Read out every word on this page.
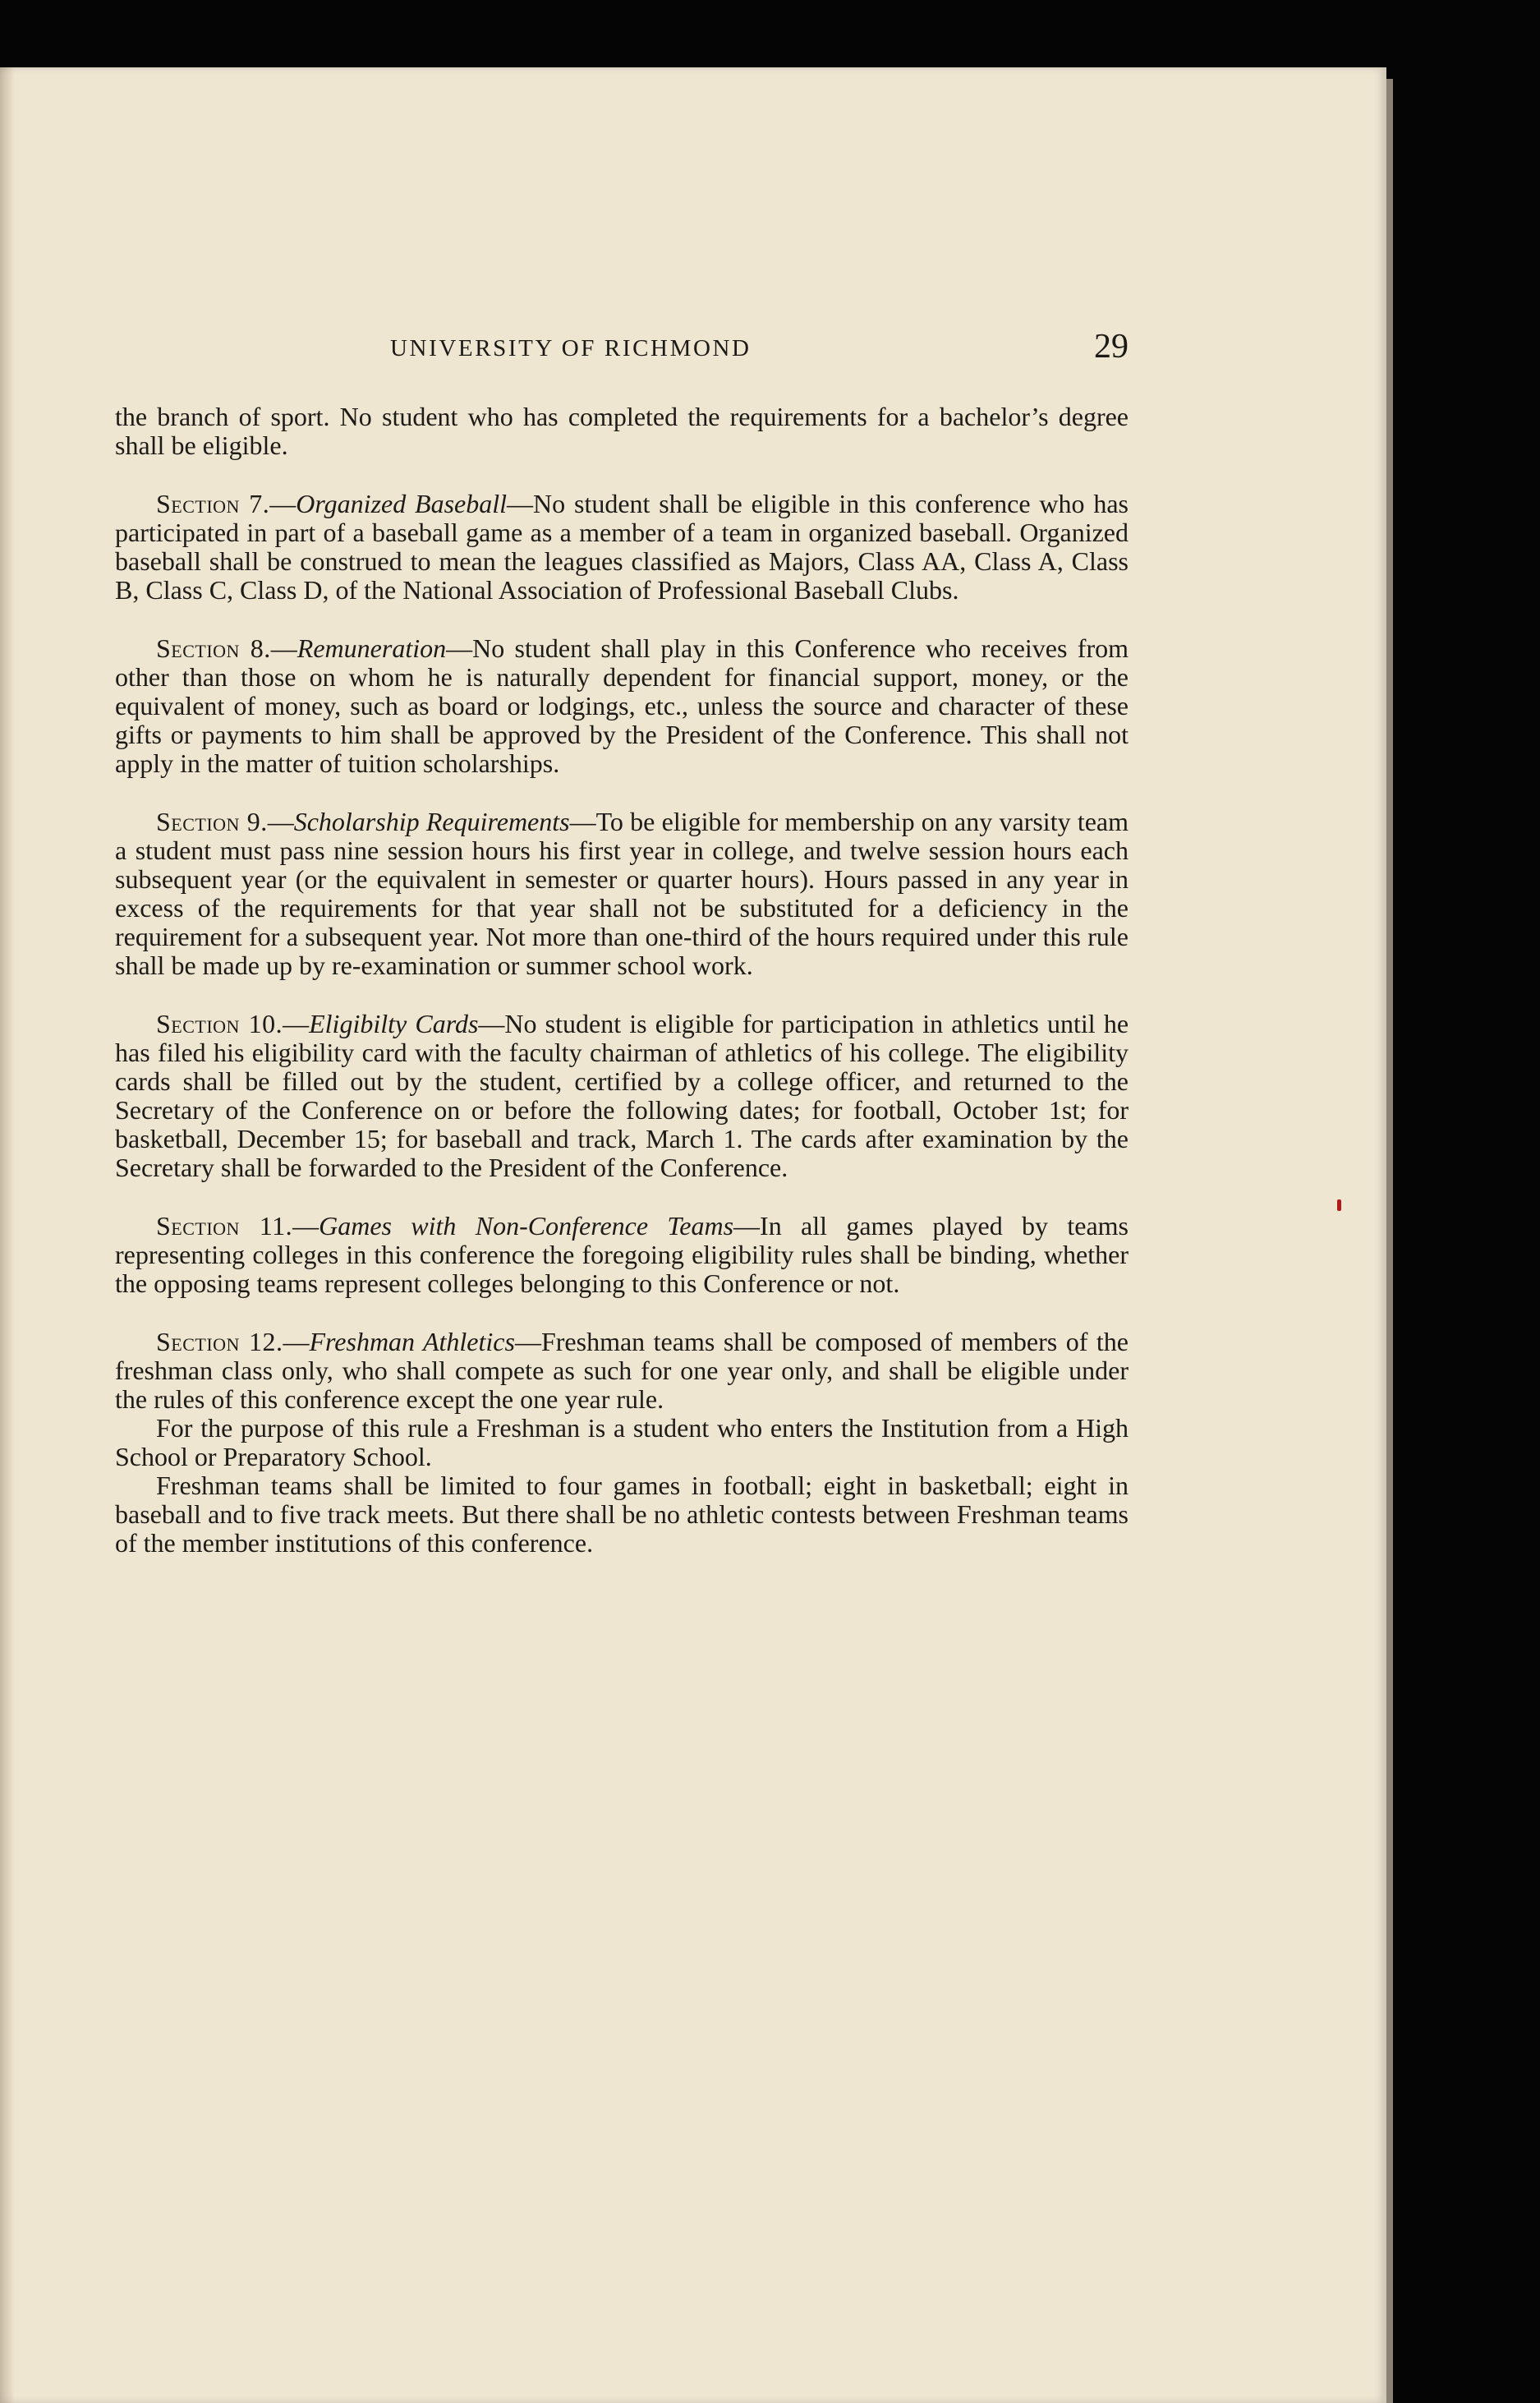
UNIVERSITY OF RICHMOND	29

the branch of sport. No student who has completed the requirements for a bachelor’s degree shall be eligible.

Section 7.—Organized Baseball—No student shall be eligible in this conference who has participated in part of a baseball game as a member of a team in organized baseball. Organized baseball shall be construed to mean the leagues classified as Majors, Class AA, Class A, Class B, Class C, Class D, of the National Association of Professional Baseball Clubs.

Section 8.—Remuneration—No student shall play in this Conference who receives from other than those on whom he is naturally dependent for financial support, money, or the equivalent of money, such as board or lodgings, etc., unless the source and character of these gifts or payments to him shall be approved by the President of the Conference. This shall not apply in the matter of tuition scholarships.

Section 9.—Scholarship Requirements—To be eligible for membership on any varsity team a student must pass nine session hours his first year in college, and twelve session hours each subsequent year (or the equivalent in semester or quarter hours). Hours passed in any year in excess of the requirements for that year shall not be substituted for a deficiency in the requirement for a subsequent year. Not more than one-third of the hours required under this rule shall be made up by re-examination or summer school work.

Section 10.—Eligibilty Cards—No student is eligible for participation in athletics until he has filed his eligibility card with the faculty chairman of athletics of his college. The eligibility cards shall be filled out by the student, certified by a college officer, and returned to the Secretary of the Conference on or before the following dates; for football, October 1st; for basketball, December 15; for baseball and track, March 1. The cards after examination by the Secretary shall be forwarded to the President of the Conference.

Section 11.—Games with Non-Conference Teams—In all games played by teams representing colleges in this conference the foregoing eligibility rules shall be binding, whether the opposing teams represent colleges belonging to this Conference or not.

Section 12.—Freshman Athletics—Freshman teams shall be composed of members of the freshman class only, who shall compete as such for one year only, and shall be eligible under the rules of this conference except the one year rule.

For the purpose of this rule a Freshman is a student who enters the Institution from a High School or Preparatory School.

Freshman teams shall be limited to four games in football; eight in basketball; eight in baseball and to five track meets. But there shall be no athletic contests between Freshman teams of the member institutions of this conference.
